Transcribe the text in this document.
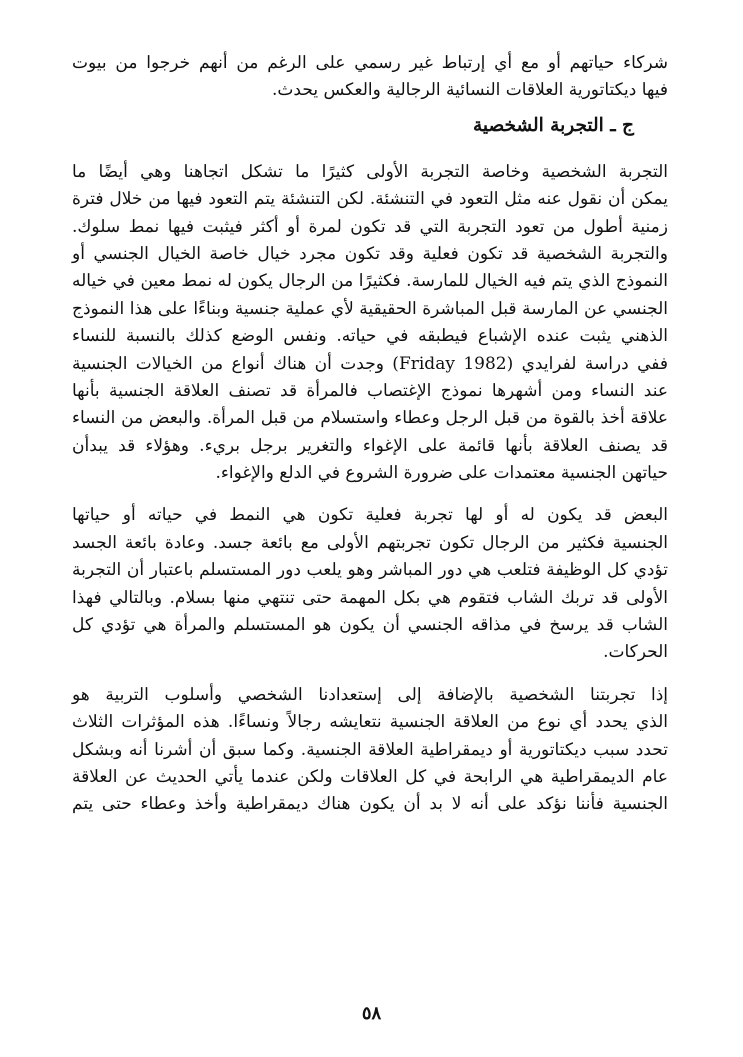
شركاء حياتهم أو مع أي إرتباط غير رسمي على الرغم من أنهم خرجوا من بيوت
فيها ديكتاتورية العلاقات النسائية الرجالية والعكس يحدث.
ج ـ التجربة الشخصية
التجربة الشخصية وخاصة التجربة الأولى كثيرًا ما تشكل اتجاهنا وهي أيضًا ما
يمكن أن نقول عنه مثل التعود في التنشئة. لكن التنشئة يتم التعود فيها من خلال فترة
زمنية أطول من تعود التجربة التي قد تكون لمرة أو أكثر فيثبت فيها نمط سلوك.
والتجربة الشخصية قد تكون فعلية وقد تكون مجرد خيال خاصة الخيال الجنسي أو
النموذج الذي يتم فيه الخيال للمارسة. فكثيرًا من الرجال يكون له نمط معين في خياله
الجنسي عن المارسة قبل المباشرة الحقيقية لأي عملية جنسية وبناءًا على هذا النموذج
الذهني يثبت عنده الإشباع فيطبقه في حياته. ونفس الوضع كذلك بالنسبة للنساء
ففي دراسة لفرايدي (Friday 1982) وجدت أن هناك أنواع من الخيالات الجنسية
عند النساء ومن أشهرها نموذج الإغتصاب فالمرأة قد تصنف العلاقة الجنسية بأنها
علاقة أخذ بالقوة من قبل الرجل وعطاء واستسلام من قبل المرأة. والبعض من النساء
قد يصنف العلاقة بأنها قائمة على الإغواء والتغرير برجل بريء. وهؤلاء قد يبدأن
حياتهن الجنسية معتمدات على ضرورة الشروع في الدلع والإغواء.
البعض قد يكون له أو لها تجربة فعلية تكون هي النمط في حياته أو حياتها
الجنسية فكثير من الرجال تكون تجربتهم الأولى مع بائعة جسد. وعادة بائعة الجسد
تؤدي كل الوظيفة فتلعب هي دور المباشر وهو يلعب دور المستسلم باعتبار أن التجربة
الأولى قد تربك الشاب فتقوم هي بكل المهمة حتى تنتهي منها بسلام. وبالتالي فهذا
الشاب قد يرسخ في مذاقه الجنسي أن يكون هو المستسلم والمرأة هي تؤدي كل
الحركات.
إذا تجربتنا الشخصية بالإضافة إلى إستعدادنا الشخصي وأسلوب التربية هو
الذي يحدد أي نوع من العلاقة الجنسية نتعايشه رجالاً ونساءًا. هذه المؤثرات الثلاث
تحدد سبب ديكتاتورية أو ديمقراطية العلاقة الجنسية. وكما سبق أن أشرنا أنه وبشكل
عام الديمقراطية هي الرابحة في كل العلاقات ولكن عندما يأتي الحديث عن العلاقة
الجنسية فأننا نؤكد على أنه لا بد أن يكون هناك ديمقراطية وأخذ وعطاء حتى يتم
٥٨
